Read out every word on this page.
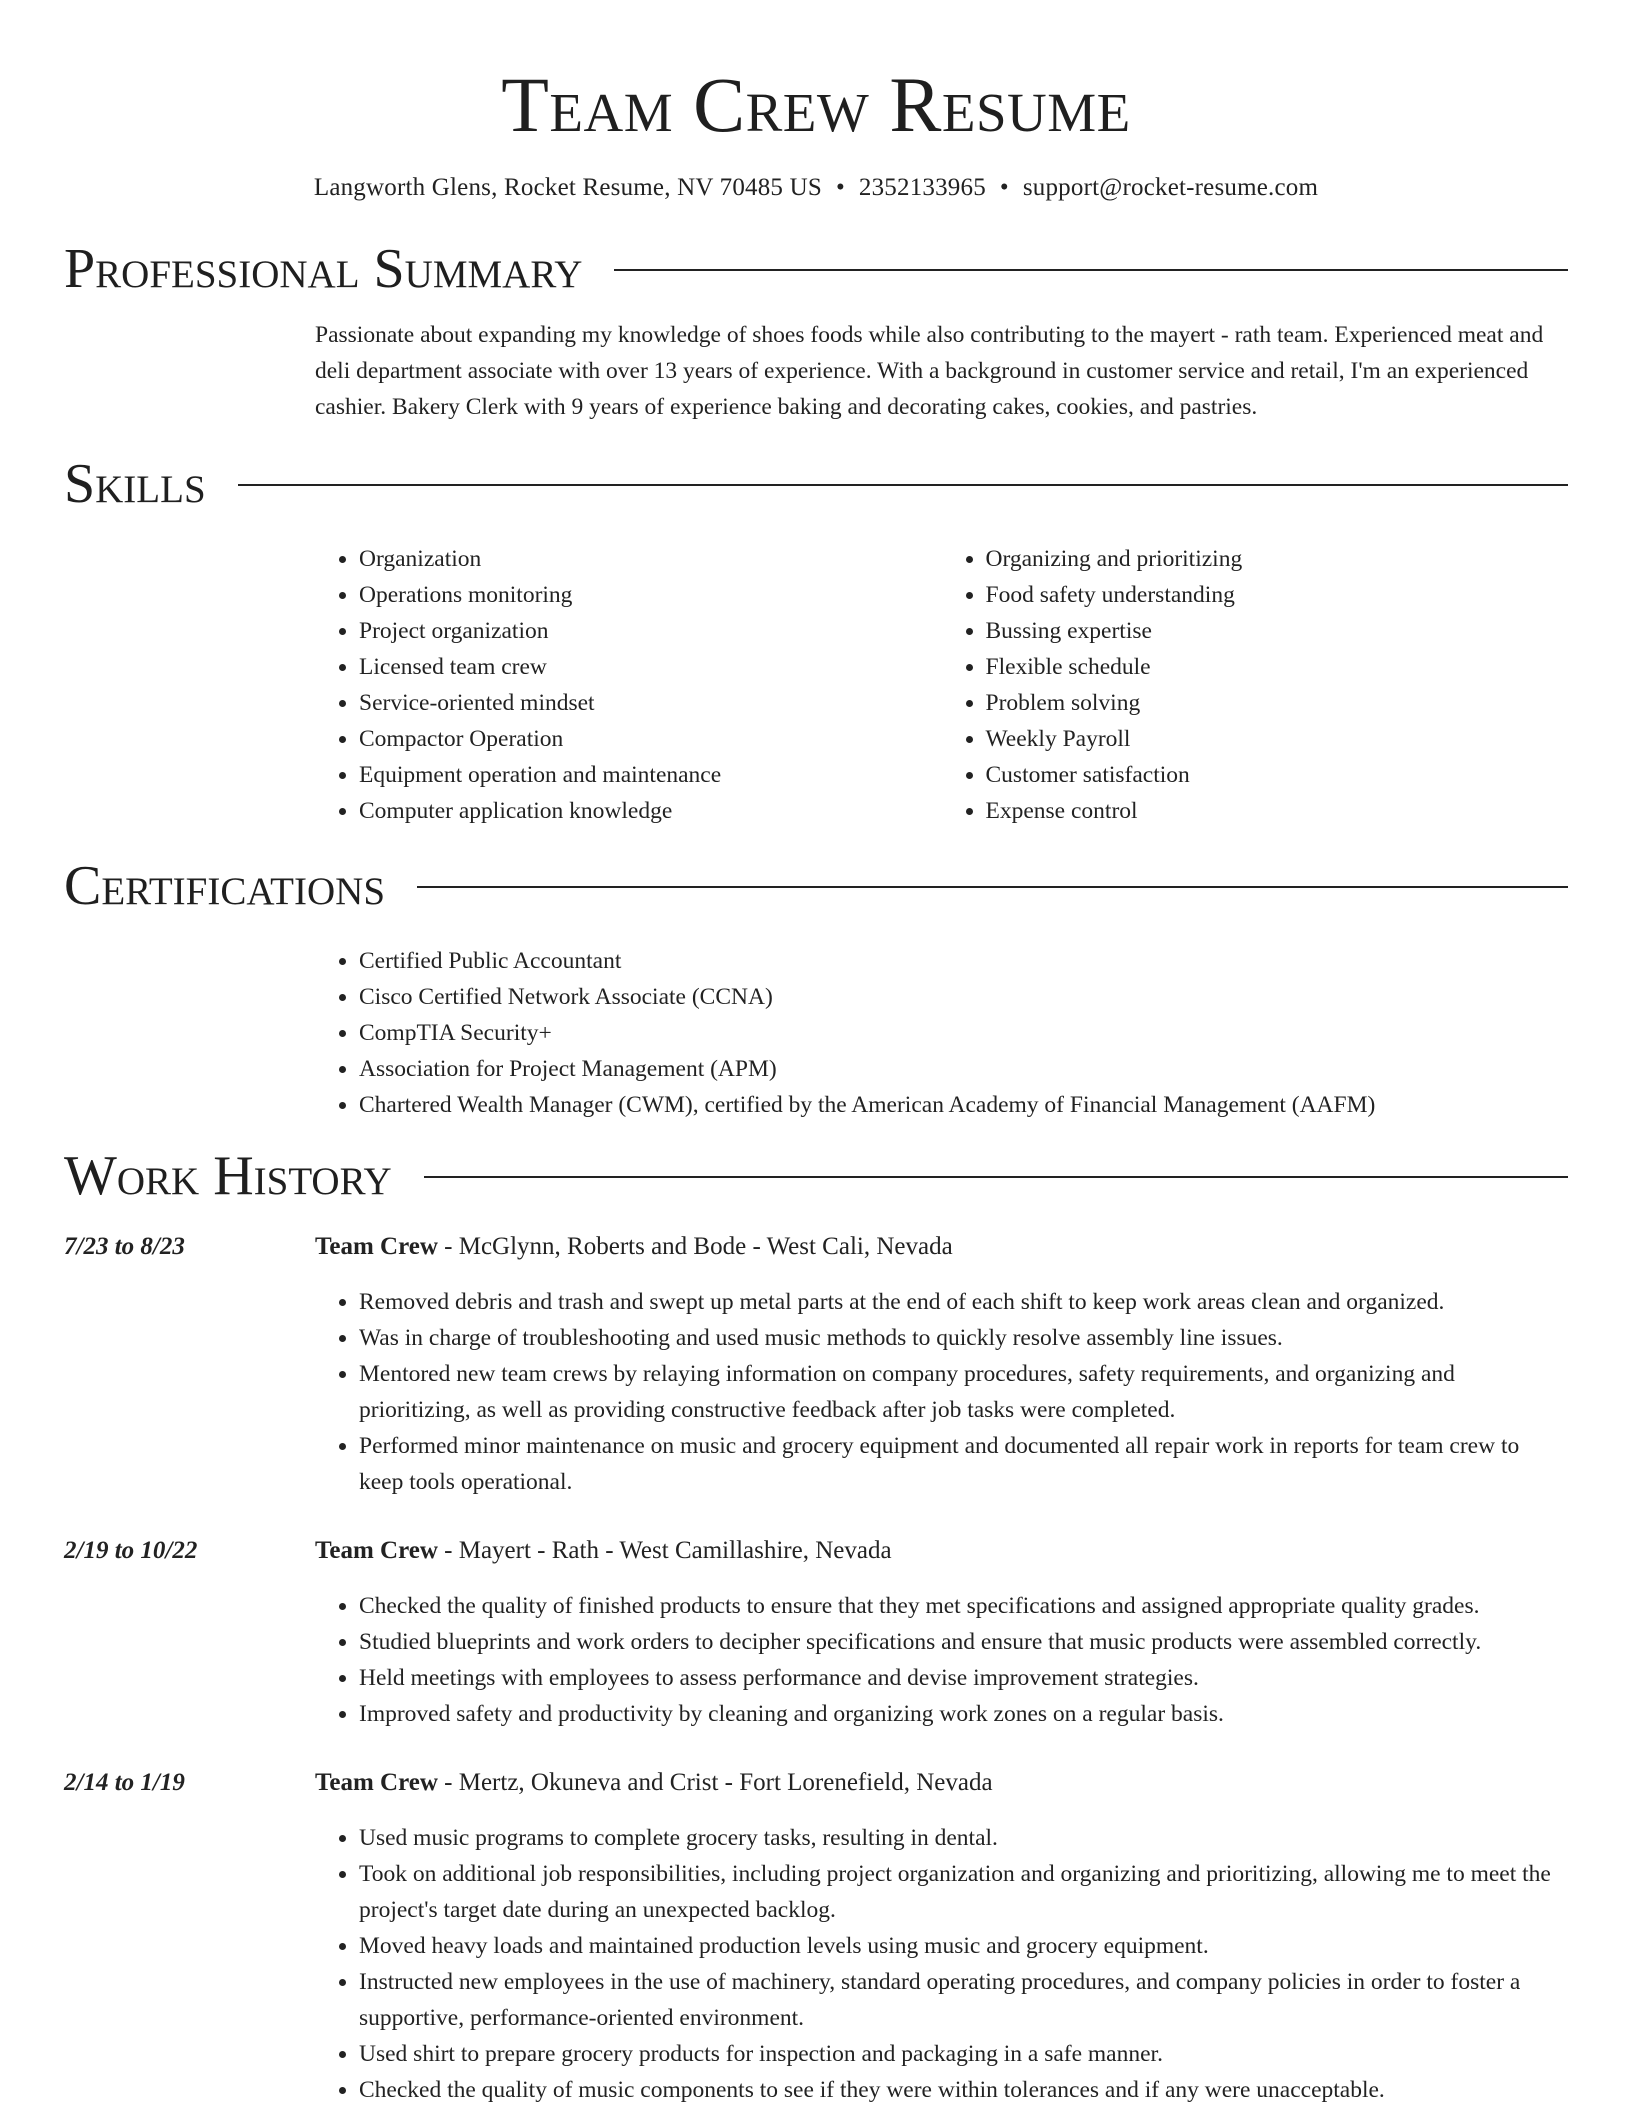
Team Crew Resume
Langworth Glens, Rocket Resume, NV 70485 US • 2352133965 • support@rocket-resume.com
Professional Summary
Passionate about expanding my knowledge of shoes foods while also contributing to the mayert - rath team. Experienced meat and deli department associate with over 13 years of experience. With a background in customer service and retail, I'm an experienced cashier. Bakery Clerk with 9 years of experience baking and decorating cakes, cookies, and pastries.
Skills
• Organization
• Operations monitoring
• Project organization
• Licensed team crew
• Service-oriented mindset
• Compactor Operation
• Equipment operation and maintenance
• Computer application knowledge
• Organizing and prioritizing
• Food safety understanding
• Bussing expertise
• Flexible schedule
• Problem solving
• Weekly Payroll
• Customer satisfaction
• Expense control
Certifications
• Certified Public Accountant
• Cisco Certified Network Associate (CCNA)
• CompTIA Security+
• Association for Project Management (APM)
• Chartered Wealth Manager (CWM), certified by the American Academy of Financial Management (AAFM)
Work History
7/23 to 8/23	Team Crew - McGlynn, Roberts and Bode - West Cali, Nevada
• Removed debris and trash and swept up metal parts at the end of each shift to keep work areas clean and organized.
• Was in charge of troubleshooting and used music methods to quickly resolve assembly line issues.
• Mentored new team crews by relaying information on company procedures, safety requirements, and organizing and prioritizing, as well as providing constructive feedback after job tasks were completed.
• Performed minor maintenance on music and grocery equipment and documented all repair work in reports for team crew to keep tools operational.
2/19 to 10/22	Team Crew - Mayert - Rath - West Camillashire, Nevada
• Checked the quality of finished products to ensure that they met specifications and assigned appropriate quality grades.
• Studied blueprints and work orders to decipher specifications and ensure that music products were assembled correctly.
• Held meetings with employees to assess performance and devise improvement strategies.
• Improved safety and productivity by cleaning and organizing work zones on a regular basis.
2/14 to 1/19	Team Crew - Mertz, Okuneva and Crist - Fort Lorenefield, Nevada
• Used music programs to complete grocery tasks, resulting in dental.
• Took on additional job responsibilities, including project organization and organizing and prioritizing, allowing me to meet the project's target date during an unexpected backlog.
• Moved heavy loads and maintained production levels using music and grocery equipment.
• Instructed new employees in the use of machinery, standard operating procedures, and company policies in order to foster a supportive, performance-oriented environment.
• Used shirt to prepare grocery products for inspection and packaging in a safe manner.
• Checked the quality of music components to see if they were within tolerances and if any were unacceptable.
